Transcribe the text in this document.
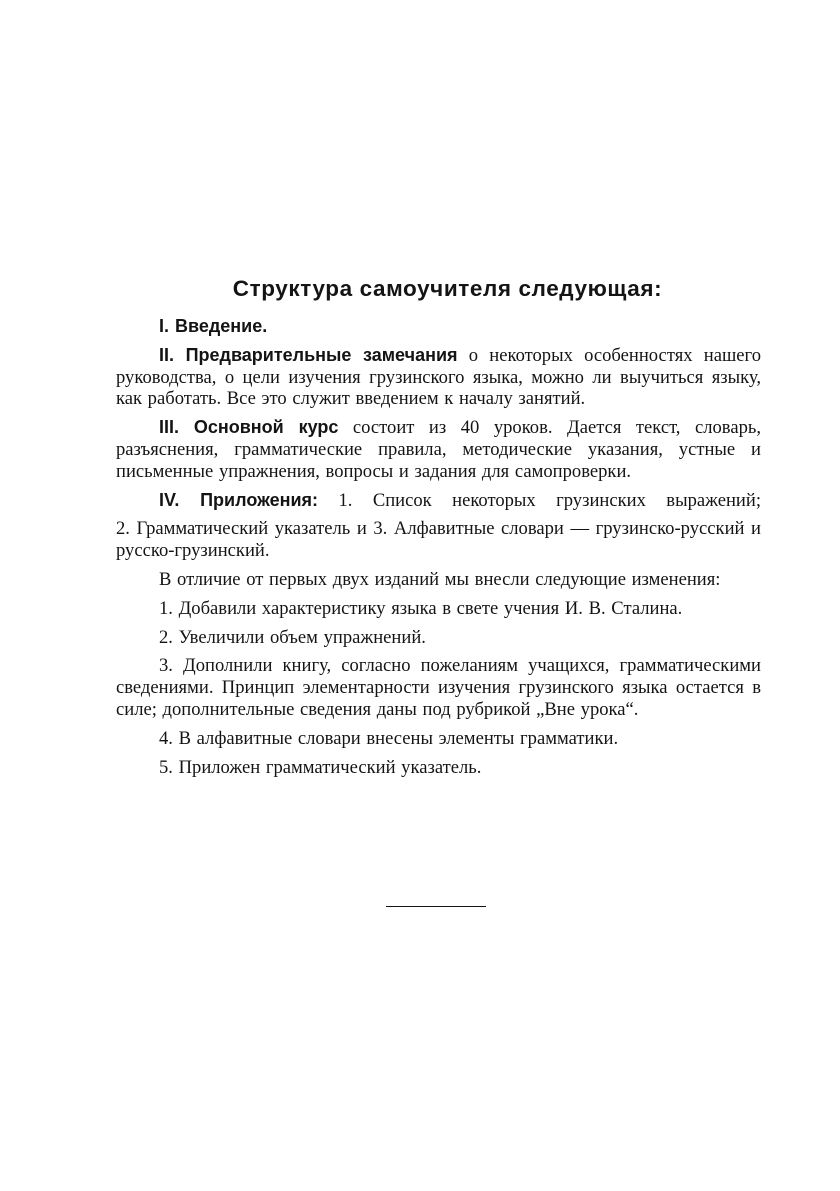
Структура самоучителя следующая:

I. Введение.

II. Предварительные замечания о некоторых особенностях нашего руководства, о цели изучения грузинского языка, можно ли выучиться языку, как работать. Все это служит введением к началу занятий.

III. Основной курс состоит из 40 уроков. Дается текст, словарь, разъяснения, грамматические правила, методические указания, устные и письменные упражнения, вопросы и задания для самопроверки.

IV. Приложения: 1. Список некоторых грузинских выражений;

2. Грамматический указатель и 3. Алфавитные словари — грузинско-русский и русско-грузинский.

В отличие от первых двух изданий мы внесли следующие изменения:

1. Добавили характеристику языка в свете учения И. В. Сталина.

2. Увеличили объем упражнений.

3. Дополнили книгу, согласно пожеланиям учащихся, грамматическими сведениями. Принцип элементарности изучения грузинского языка остается в силе; дополнительные сведения даны под рубрикой „Вне урока“.

4. В алфавитные словари внесены элементы грамматики.

5. Приложен грамматический указатель.
